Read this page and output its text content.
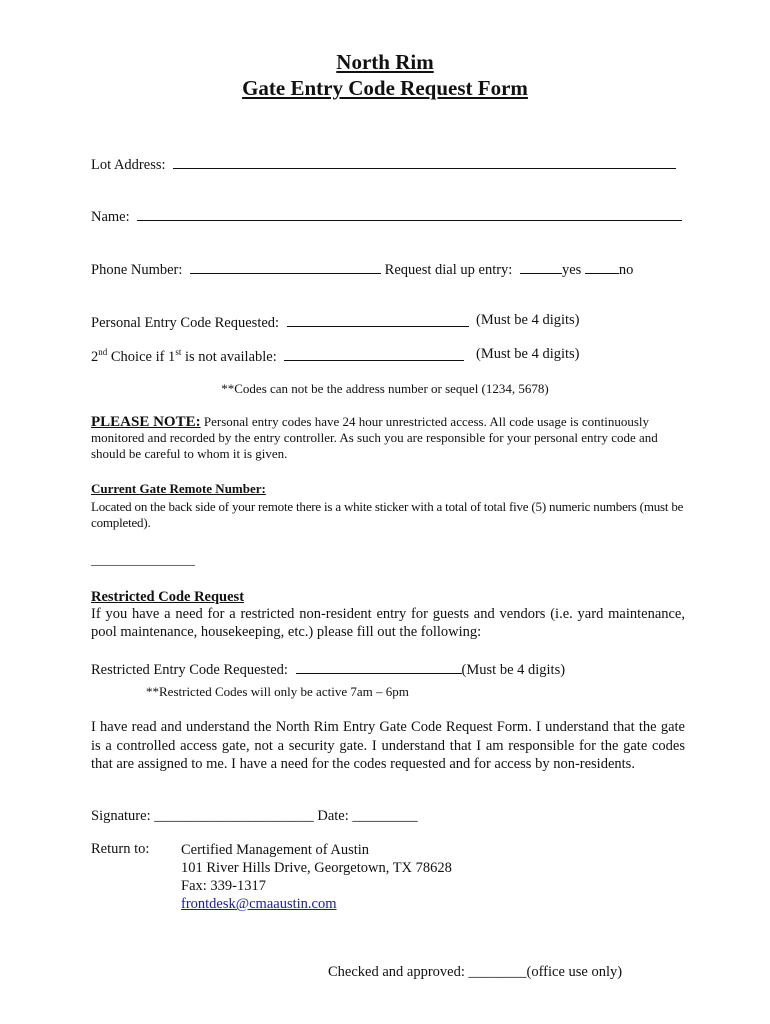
North Rim
Gate Entry Code Request Form
Lot Address:
Name:
Phone Number:	Request dial up entry:	yes	no
Personal Entry Code Requested:	(Must be 4 digits)
2nd Choice if 1st is not available:	(Must be 4 digits)
**Codes can not be the address number or sequel (1234, 5678)
PLEASE NOTE: Personal entry codes have 24 hour unrestricted access. All code usage is continuously monitored and recorded by the entry controller. As such you are responsible for your personal entry code and should be careful to whom it is given.
Current Gate Remote Number:
Located on the back side of your remote there is a white sticker with a total of total five (5) numeric numbers (must be completed).
________________
Restricted Code Request
If you have a need for a restricted non-resident entry for guests and vendors (i.e. yard maintenance, pool maintenance, housekeeping, etc.) please fill out the following:
Restricted Entry Code Requested:	(Must be 4 digits)
**Restricted Codes will only be active 7am – 6pm
I have read and understand the North Rim Entry Gate Code Request Form. I understand that the gate is a controlled access gate, not a security gate. I understand that I am responsible for the gate codes that are assigned to me. I have a need for the codes requested and for access by non-residents.
Signature: ______________________ Date: _________
Return to: Certified Management of Austin
101 River Hills Drive, Georgetown, TX 78628
Fax: 339-1317
frontdesk@cmaaustin.com
Checked and approved: ________(office use only)
